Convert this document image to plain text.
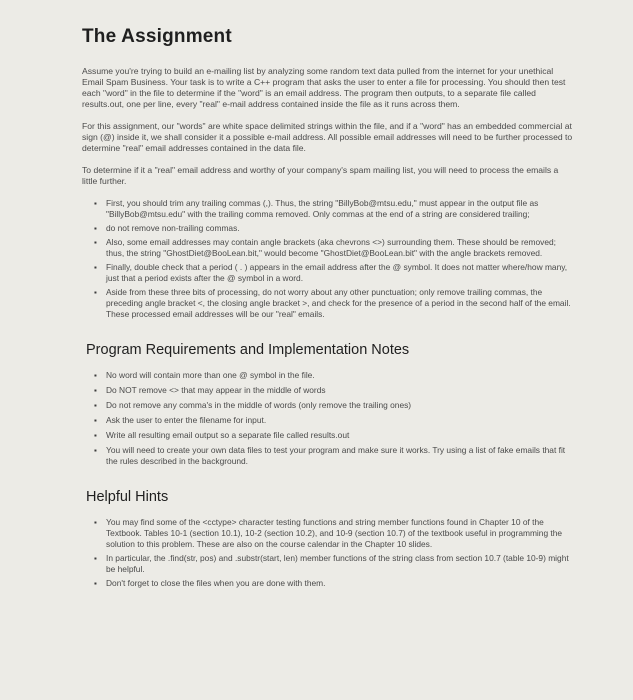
The Assignment

Assume you're trying to build an e-mailing list by analyzing some random text data pulled from the internet for your unethical Email Spam Business. Your task is to write a C++ program that asks the user to enter a file for processing. You should then test each "word" in the file to determine if the "word" is an email address. The program then outputs, to a separate file called results.out, one per line, every "real" e-mail address contained inside the file as it runs across them.

For this assignment, our "words" are white space delimited strings within the file, and if a "word" has an embedded commercial at sign (@) inside it, we shall consider it a possible e-mail address. All possible email addresses will need to be further processed to determine "real" email addresses contained in the data file.

To determine if it a "real" email address and worthy of your company's spam mailing list, you will need to process the emails a little further.

▪ First, you should trim any trailing commas (,). Thus, the string "BillyBob@mtsu.edu," must appear in the output file as "BillyBob@mtsu.edu" with the trailing comma removed. Only commas at the end of a string are considered trailing;
▪ do not remove non-trailing commas.
▪ Also, some email addresses may contain angle brackets (aka chevrons <>) surrounding them. These should be removed; thus, the string "GhostDiet@BooLean.bit," would become "GhostDiet@BooLean.bit" with the angle brackets removed.
▪ Finally, double check that a period ( . ) appears in the email address after the @ symbol. It does not matter where/how many, just that a period exists after the @ symbol in a word.
▪ Aside from these three bits of processing, do not worry about any other punctuation; only remove trailing commas, the preceding angle bracket <, the closing angle bracket >, and check for the presence of a period in the second half of the email. These processed email addresses will be our "real" emails.
Program Requirements and Implementation Notes
▪ No word will contain more than one @ symbol in the file.
▪ Do NOT remove <> that may appear in the middle of words
▪ Do not remove any comma's in the middle of words (only remove the trailing ones)
▪ Ask the user to enter the filename for input.
▪ Write all resulting email output so a separate file called results.out
▪ You will need to create your own data files to test your program and make sure it works. Try using a list of fake emails that fit the rules described in the background.
Helpful Hints
▪ You may find some of the <cctype> character testing functions and string member functions found in Chapter 10 of the Textbook. Tables 10-1 (section 10.1), 10-2 (section 10.2), and 10-9 (section 10.7) of the textbook useful in programming the solution to this problem. These are also on the course calendar in the Chapter 10 slides.
▪ In particular, the .find(str, pos) and .substr(start, len) member functions of the string class from section 10.7 (table 10-9) might be helpful.
▪ Don't forget to close the files when you are done with them.
